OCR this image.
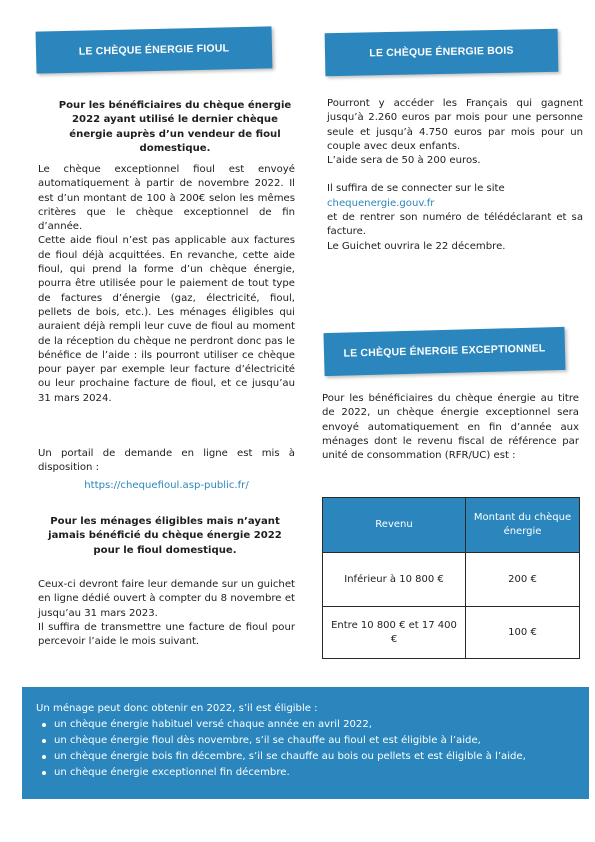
LE CHÈQUE ÉNERGIE FIOUL	LE CHÈQUE ÉNERGIE BOIS
LE CHÈQUE ÉNERGIE EXCEPTIONNEL
Pour les bénéficiaires du chèque énergie 2022 ayant utilisé le dernier chèque énergie auprès d’un vendeur de fioul domestique.

Le chèque exceptionnel fioul est envoyé automatiquement à partir de novembre 2022. Il est d’un montant de 100 à 200€ selon les mêmes critères que le chèque exceptionnel de fin d’année.

Cette aide fioul n’est pas applicable aux factures de fioul déjà acquittées. En revanche, cette aide fioul, qui prend la forme d’un chèque énergie, pourra être utilisée pour le paiement de tout type de factures d’énergie (gaz, électricité, fioul, pellets de bois, etc.). Les ménages éligibles qui auraient déjà rempli leur cuve de fioul au moment de la réception du chèque ne perdront donc pas le bénéfice de l’aide : ils pourront utiliser ce chèque pour payer par exemple leur facture d’électricité ou leur prochaine facture de fioul, et ce jusqu’au 31 mars 2024.

Un portail de demande en ligne est mis à disposition :
https://chequefioul.asp-public.fr/
Pour les ménages éligibles mais n’ayant jamais bénéficié du chèque énergie 2022 pour le fioul domestique.

Ceux-ci devront faire leur demande sur un guichet en ligne dédié ouvert à compter du 8 novembre et jusqu’au 31 mars 2023.

Il suffira de transmettre une facture de fioul pour percevoir l’aide le mois suivant.

Pourront y accéder les Français qui gagnent jusqu’à 2.260 euros par mois pour une personne seule et jusqu’à 4.750 euros par mois pour un couple avec deux enfants.

L’aide sera de 50 à 200 euros.

Il suffira de se connecter sur le site

chequenergie.gouv.fr

et de rentrer son numéro de télédéclarant et sa facture.

Le Guichet ouvrira le 22 décembre.

Pour les bénéficiaires du chèque énergie au titre de 2022, un chèque énergie exceptionnel sera envoyé automatiquement en fin d’année aux ménages dont le revenu fiscal de référence par unité de consommation (RFR/UC) est :
Revenu	Montant du chèque énergie
Inférieur à 10 800 €	200 €
Entre 10 800 € et 17 400 €	100 €
Un ménage peut donc obtenir en 2022, s’il est éligible :
un chèque énergie habituel versé chaque année en avril 2022,
un chèque énergie fioul dès novembre, s’il se chauffe au fioul et est éligible à l’aide,
un chèque énergie bois fin décembre, s’il se chauffe au bois ou pellets et est éligible à l’aide,
un chèque énergie exceptionnel fin décembre.
